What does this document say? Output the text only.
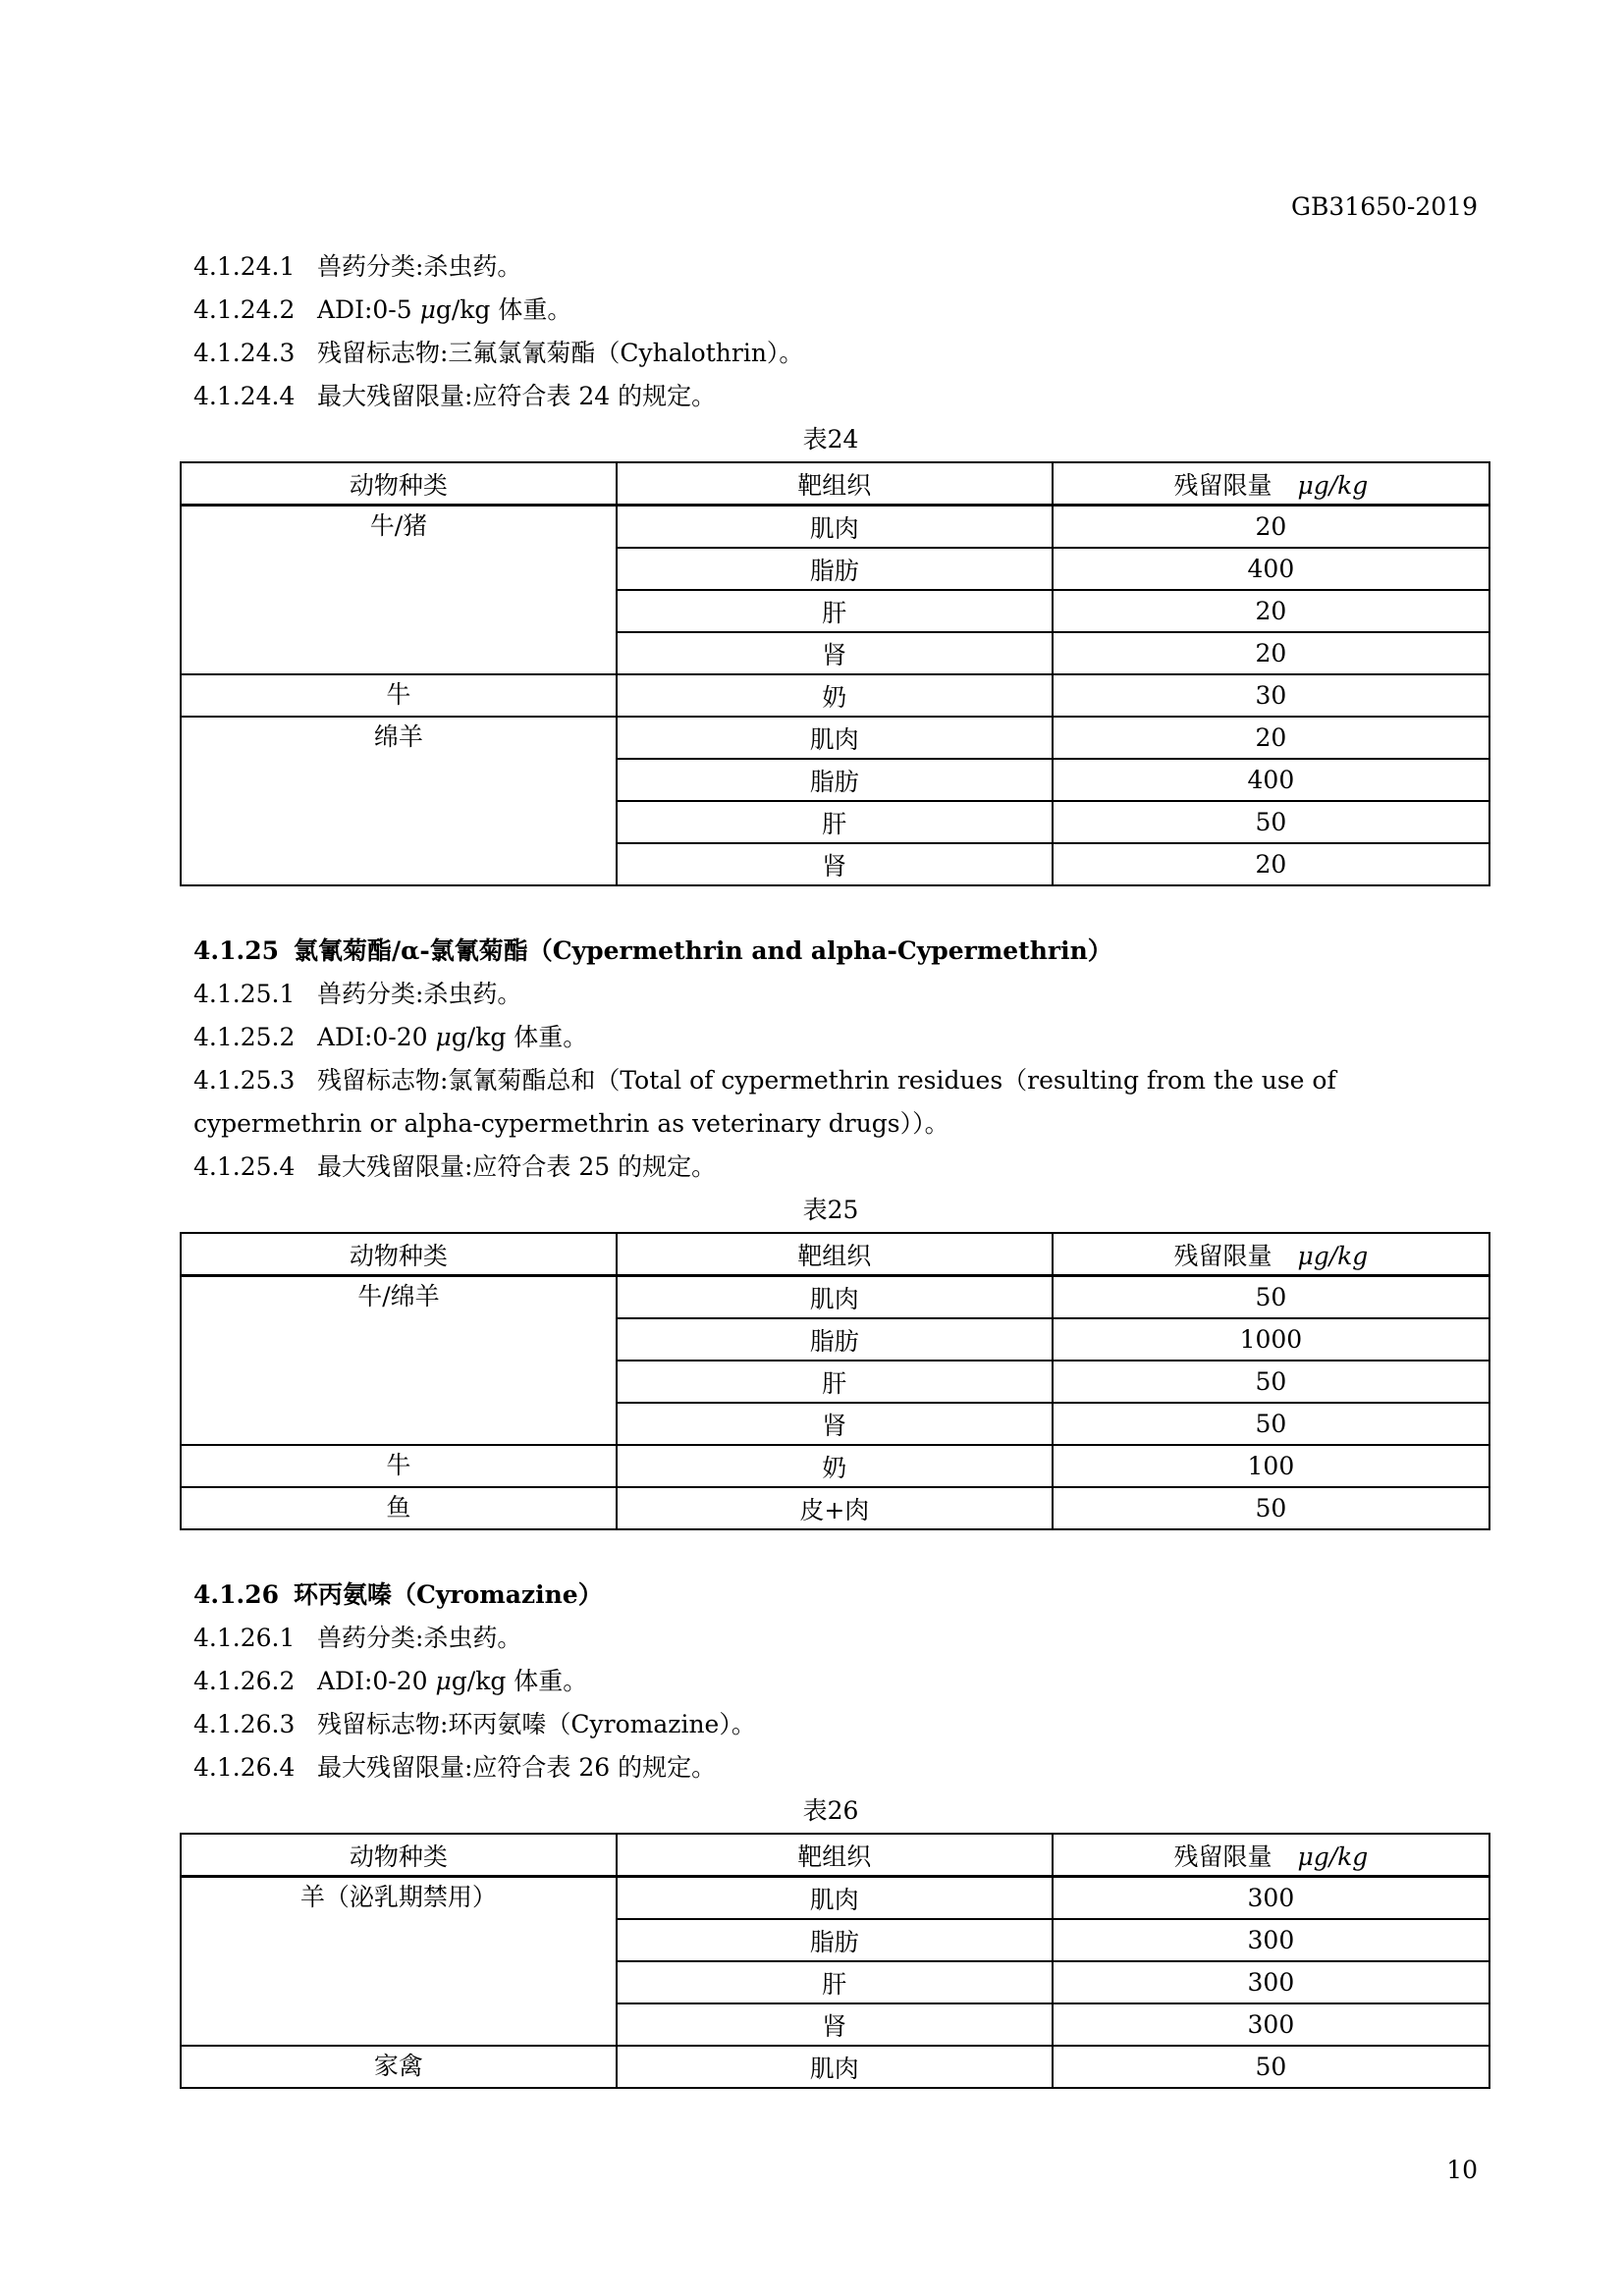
GB31650-2019
4.1.24.1 兽药分类:杀虫药。
4.1.24.2 ADI:0-5 μg/kg 体重。
4.1.24.3 残留标志物:三氟氯氰菊酯（Cyhalothrin）。
4.1.24.4 最大残留限量:应符合表 24 的规定。
表24
动物种类	靶组织	残留限量 μg/kg
牛/猪	肌肉	20
	脂肪	400
	肝	20
	肾	20
牛	奶	30
绵羊	肌肉	20
	脂肪	400
	肝	50
	肾	20
4.1.25 氯氰菊酯/α-氯氰菊酯（Cypermethrin and alpha-Cypermethrin）
4.1.25.1 兽药分类:杀虫药。
4.1.25.2 ADI:0-20 μg/kg 体重。
4.1.25.3 残留标志物:氯氰菊酯总和（Total of cypermethrin residues（resulting from the use of cypermethrin or alpha-cypermethrin as veterinary drugs））。
4.1.25.4 最大残留限量:应符合表 25 的规定。
表25
动物种类	靶组织	残留限量 μg/kg
牛/绵羊	肌肉	50
	脂肪	1000
	肝	50
	肾	50
牛	奶	100
鱼	皮+肉	50
4.1.26 环丙氨嗪（Cyromazine）
4.1.26.1 兽药分类:杀虫药。
4.1.26.2 ADI:0-20 μg/kg 体重。
4.1.26.3 残留标志物:环丙氨嗪（Cyromazine）。
4.1.26.4 最大残留限量:应符合表 26 的规定。
表26
动物种类	靶组织	残留限量 μg/kg
羊（泌乳期禁用）	肌肉	300
	脂肪	300
	肝	300
	肾	300
家禽	肌肉	50
10
